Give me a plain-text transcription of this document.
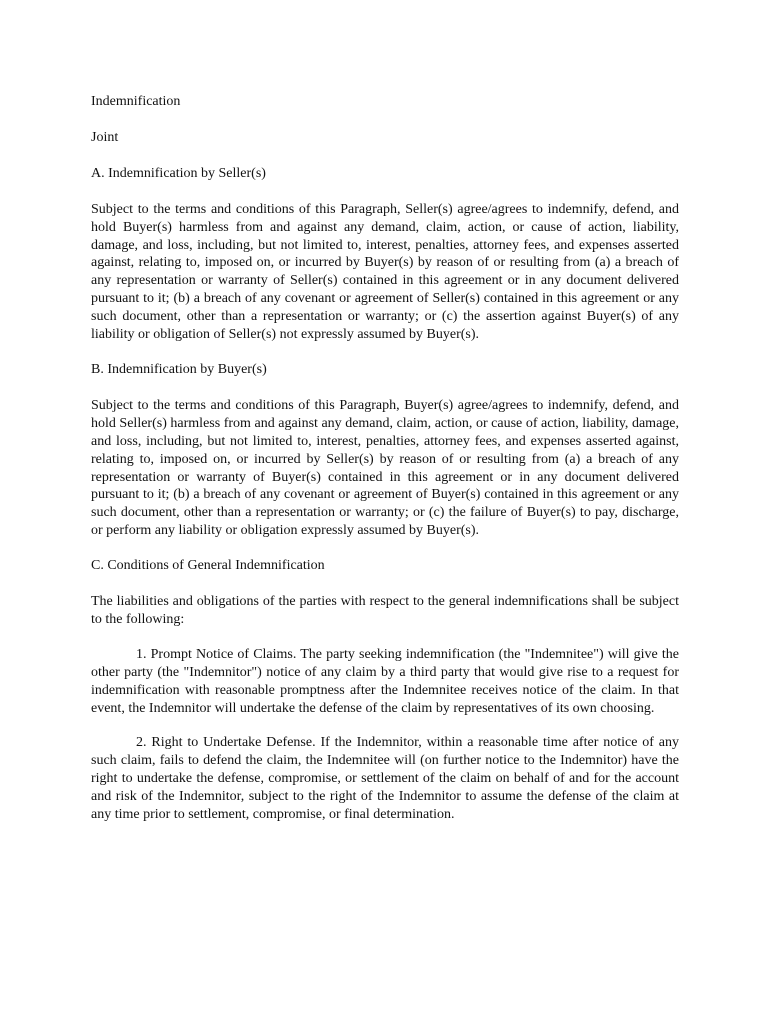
Indemnification

Joint

A. Indemnification by Seller(s)

Subject to the terms and conditions of this Paragraph, Seller(s) agree/agrees to indemnify, defend, and hold Buyer(s) harmless from and against any demand, claim, action, or cause of action, liability, damage, and loss, including, but not limited to, interest, penalties, attorney fees, and expenses asserted against, relating to, imposed on, or incurred by Buyer(s) by reason of or resulting from (a) a breach of any representation or warranty of Seller(s) contained in this agreement or in any document delivered pursuant to it; (b) a breach of any covenant or agreement of Seller(s) contained in this agreement or any such document, other than a representation or warranty; or (c) the assertion against Buyer(s) of any liability or obligation of Seller(s) not expressly assumed by Buyer(s).

B. Indemnification by Buyer(s)

Subject to the terms and conditions of this Paragraph, Buyer(s) agree/agrees to indemnify, defend, and hold Seller(s) harmless from and against any demand, claim, action, or cause of action, liability, damage, and loss, including, but not limited to, interest, penalties, attorney fees, and expenses asserted against, relating to, imposed on, or incurred by Seller(s) by reason of or resulting from (a) a breach of any representation or warranty of Buyer(s) contained in this agreement or in any document delivered pursuant to it; (b) a breach of any covenant or agreement of Buyer(s) contained in this agreement or any such document, other than a representation or warranty; or (c) the failure of Buyer(s) to pay, discharge, or perform any liability or obligation expressly assumed by Buyer(s).

C. Conditions of General Indemnification

The liabilities and obligations of the parties with respect to the general indemnifications shall be subject to the following:

1. Prompt Notice of Claims. The party seeking indemnification (the "Indemnitee") will give the other party (the "Indemnitor") notice of any claim by a third party that would give rise to a request for indemnification with reasonable promptness after the Indemnitee receives notice of the claim. In that event, the Indemnitor will undertake the defense of the claim by representatives of its own choosing.

2. Right to Undertake Defense. If the Indemnitor, within a reasonable time after notice of any such claim, fails to defend the claim, the Indemnitee will (on further notice to the Indemnitor) have the right to undertake the defense, compromise, or settlement of the claim on behalf of and for the account and risk of the Indemnitor, subject to the right of the Indemnitor to assume the defense of the claim at any time prior to settlement, compromise, or final determination.
